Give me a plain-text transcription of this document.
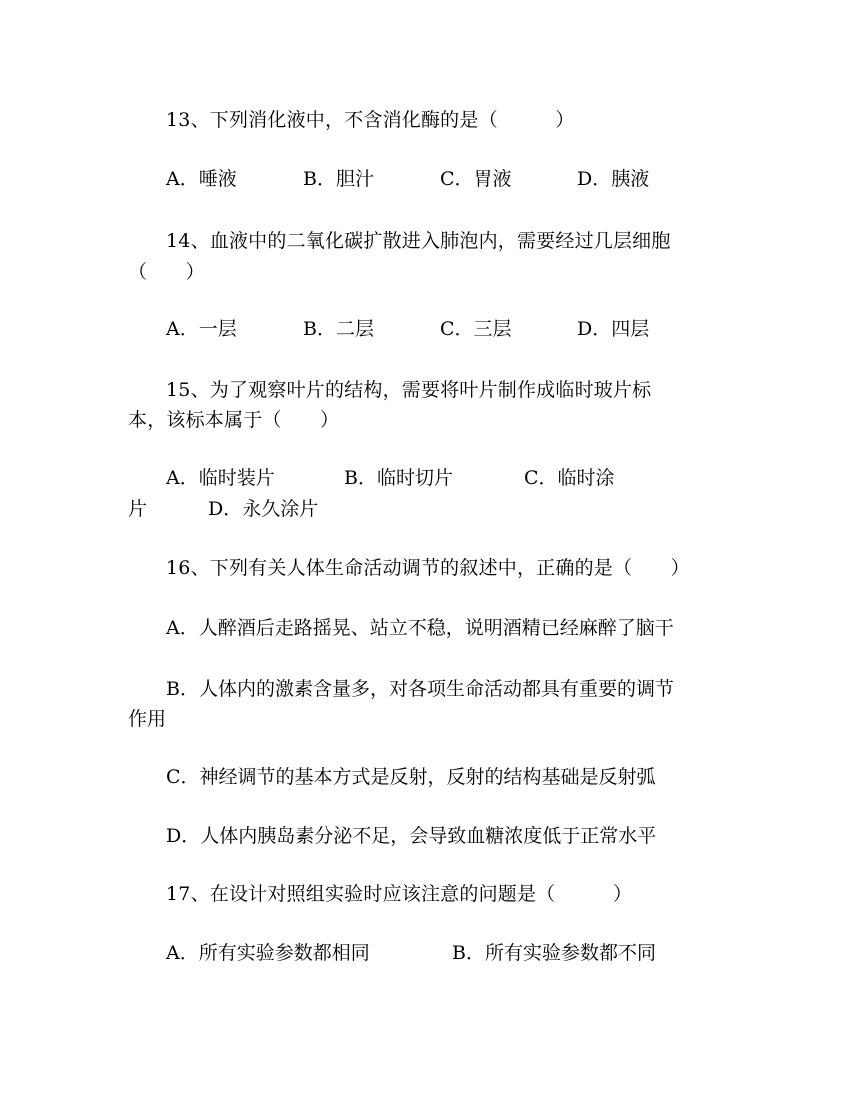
13、下列消化液中，不含消化酶的是（　　　）
A．唾液	B．胆汁	C．胃液	D．胰液
14、血液中的二氧化碳扩散进入肺泡内，需要经过几层细胞
（　　）
A．一层	B．二层	C．三层	D．四层
15、为了观察叶片的结构，需要将叶片制作成临时玻片标
本，该标本属于（　　）
A．临时装片	B．临时切片	C．临时涂
片	D．永久涂片
16、下列有关人体生命活动调节的叙述中，正确的是（　　）
A．人醉酒后走路摇晃、站立不稳，说明酒精已经麻醉了脑干
B．人体内的激素含量多，对各项生命活动都具有重要的调节
作用
C．神经调节的基本方式是反射，反射的结构基础是反射弧
D．人体内胰岛素分泌不足，会导致血糖浓度低于正常水平
17、在设计对照组实验时应该注意的问题是（　　　）
A．所有实验参数都相同	B．所有实验参数都不同
